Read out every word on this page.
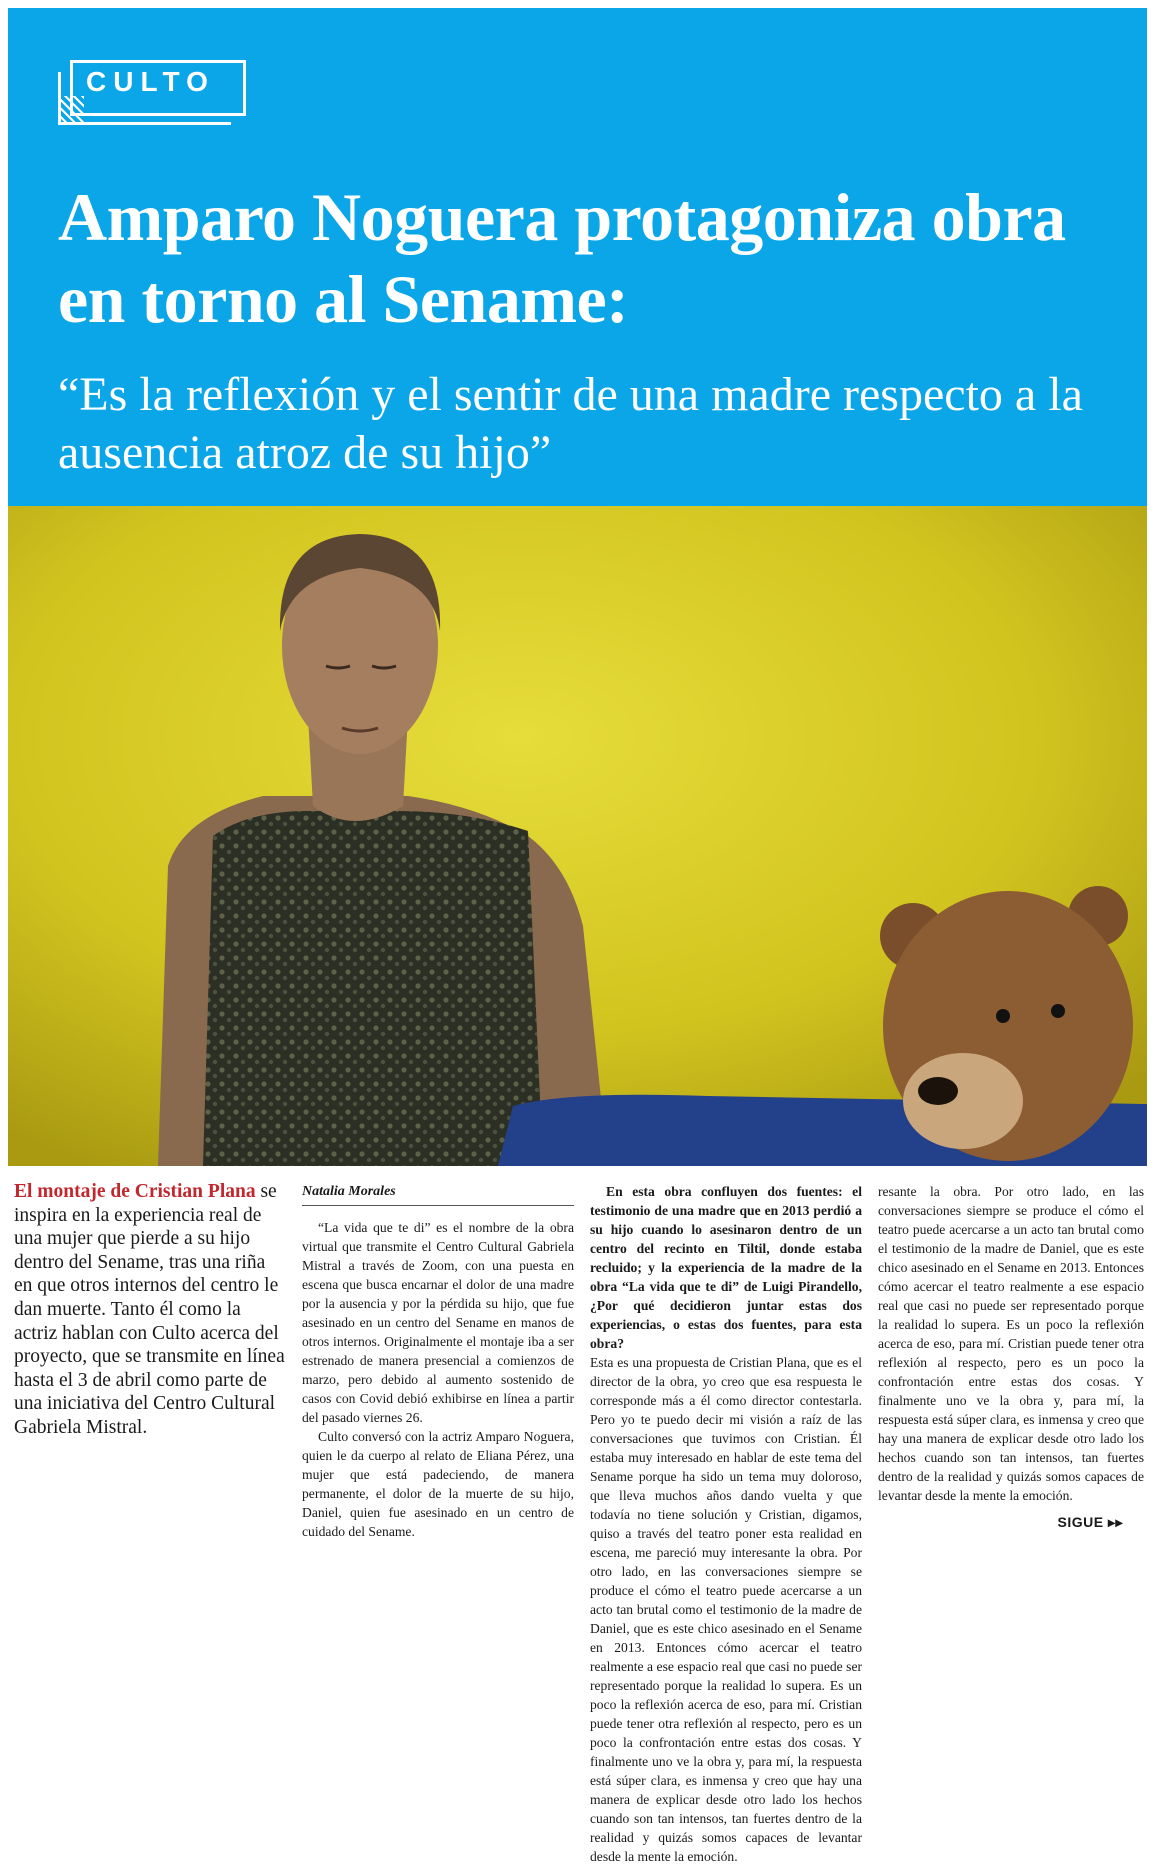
CULTO
Amparo Noguera protagoniza obra en torno al Sename:
“Es la reflexión y el sentir de una madre respecto a la ausencia atroz de su hijo”

El montaje de Cristian Plana se inspira en la experiencia real de una mujer que pierde a su hijo dentro del Sename, tras una riña en que otros internos del centro le dan muerte. Tanto él como la actriz hablan con Culto acerca del proyecto, que se transmite en línea hasta el 3 de abril como parte de una iniciativa del Centro Cultural Gabriela Mistral.

Natalia Morales

“La vida que te di” es el nombre de la obra virtual que transmite el Centro Cultural Gabriela Mistral a través de Zoom, con una puesta en escena que busca encarnar el dolor de una madre por la ausencia y por la pérdida su hijo, que fue asesinado en un centro del Sename en manos de otros internos. Originalmente el montaje iba a ser estrenado de manera presencial a comienzos de marzo, pero debido al aumento sostenido de casos con Covid debió exhibirse en línea a partir del pasado viernes 26.

Culto conversó con la actriz Amparo Noguera, quien le da cuerpo al relato de Eliana Pérez, una mujer que está padeciendo, de manera permanente, el dolor de la muerte de su hijo, Daniel, quien fue asesinado en un centro de cuidado del Sename.

En esta obra confluyen dos fuentes: el testimonio de una madre que en 2013 perdió a su hijo cuando lo asesinaron dentro de un centro del recinto en Tiltil, donde estaba recluido; y la experiencia de la madre de la obra “La vida que te di” de Luigi Pirandello, ¿Por qué decidieron juntar estas dos experiencias, o estas dos fuentes, para esta obra?

Esta es una propuesta de Cristian Plana, que es el director de la obra, yo creo que esa respuesta le corresponde más a él como director contestarla. Pero yo te puedo decir mi visión a raíz de las conversaciones que tuvimos con Cristian. Él estaba muy interesado en hablar de este tema del Sename porque ha sido un tema muy doloroso, que lleva muchos años dando vuelta y que todavía no tiene solución y Cristian, digamos, quiso a través del teatro poner esta realidad en escena, me pareció muy interesante la obra. Por otro lado, en las conversaciones siempre se produce el cómo el teatro puede acercarse a un acto tan brutal como el testimonio de la madre de Daniel, que es este chico asesinado en el Sename en 2013. Entonces cómo acercar el teatro realmente a ese espacio real que casi no puede ser representado porque la realidad lo supera. Es un poco la reflexión acerca de eso, para mí. Cristian puede tener otra reflexión al respecto, pero es un poco la confrontación entre estas dos cosas. Y finalmente uno ve la obra y, para mí, la respuesta está súper clara, es inmensa y creo que hay una manera de explicar desde otro lado los hechos cuando son tan intensos, tan fuertes dentro de la realidad y quizás somos capaces de levantar desde la mente la emoción.

resante la obra. Por otro lado, en las conversaciones siempre se produce el cómo el teatro puede acercarse a un acto tan brutal como el testimonio de la madre de Daniel, que es este chico asesinado en el Sename en 2013. Entonces cómo acercar el teatro realmente a ese espacio real que casi no puede ser representado porque la realidad lo supera. Es un poco la reflexión acerca de eso, para mí. Cristian puede tener otra reflexión al respecto, pero es un poco la confrontación entre estas dos cosas. Y finalmente uno ve la obra y, para mí, la respuesta está súper clara, es inmensa y creo que hay una manera de explicar desde otro lado los hechos cuando son tan intensos, tan fuertes dentro de la realidad y quizás somos capaces de levantar desde la mente la emoción.

SIGUE ▸▸
